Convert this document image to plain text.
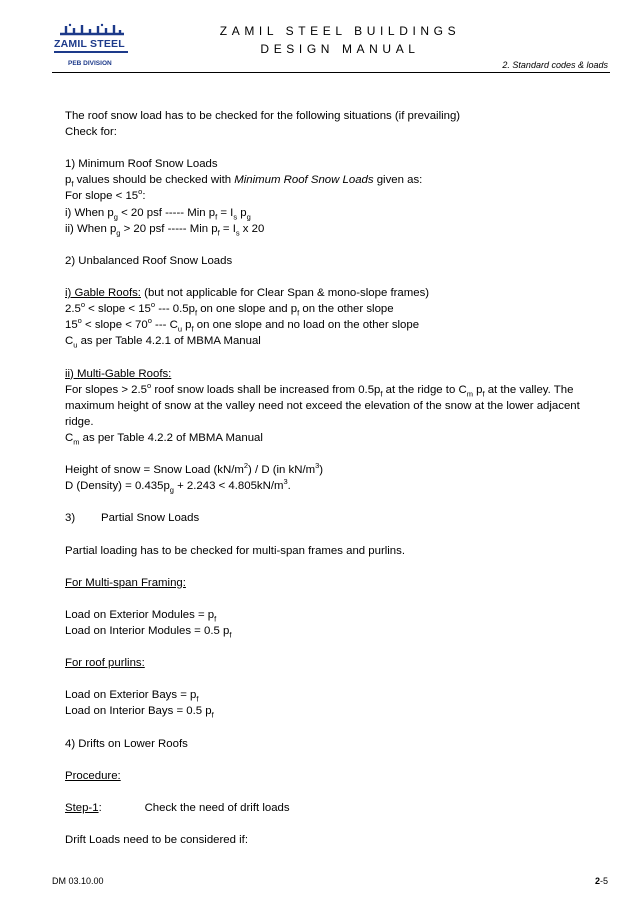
ZAMIL STEEL
PEB DIVISION
ZAMIL STEEL BUILDINGS
DESIGN MANUAL
2. Standard codes & loads

The roof snow load has to be checked for the following situations (if prevailing)

Check for:

1) Minimum Roof Snow Loads

$p_f$ values should be checked with Minimum Roof Snow Loads given as:

For slope < $15^o$:

i) When $p_g < 20$ psf ----- Min $p_f = I_s$ $p_g$

ii) When $p_g > 20$ psf ----- Min $p_f = I_s$ x 20

2) Unbalanced Roof Snow Loads

i) Gable Roofs: (but not applicable for Clear Span & mono-slope frames)

$2.5^o$ < slope < $15^o$ --- $0.5p_f$ on one slope and $p_f$ on the other slope

$15^o$ < slope < $70^o$ --- $C_u$ $p_f$ on one slope and no load on the other slope

$C_u$ as per Table 4.2.1 of MBMA Manual

ii) Multi-Gable Roofs:

For slopes > $2.5^o$ roof snow loads shall be increased from $0.5p_f$ at the ridge to $C_m$ $p_f$ at the valley. The maximum height of snow at the valley need not exceed the elevation of the snow at the lower adjacent ridge.

$C_m$ as per Table 4.2.2 of MBMA Manual

Height of snow = Snow Load $(kN/m^2)$ / D (in $kN/m^3$)

D (Density) = $0.435p_g + 2.243 < 4.805kN/m^3$.

3) Partial Snow Loads

Partial loading has to be checked for multi-span frames and purlins.

For Multi-span Framing:

Load on Exterior Modules = $p_f$

Load on Interior Modules = 0.5 $p_f$

For roof purlins:

Load on Exterior Bays = $p_f$

Load on Interior Bays = 0.5 $p_f$

4) Drifts on Lower Roofs

Procedure:

Step-1:	Check the need of drift loads

Drift Loads need to be considered if:

DM 03.10.00	2-5
